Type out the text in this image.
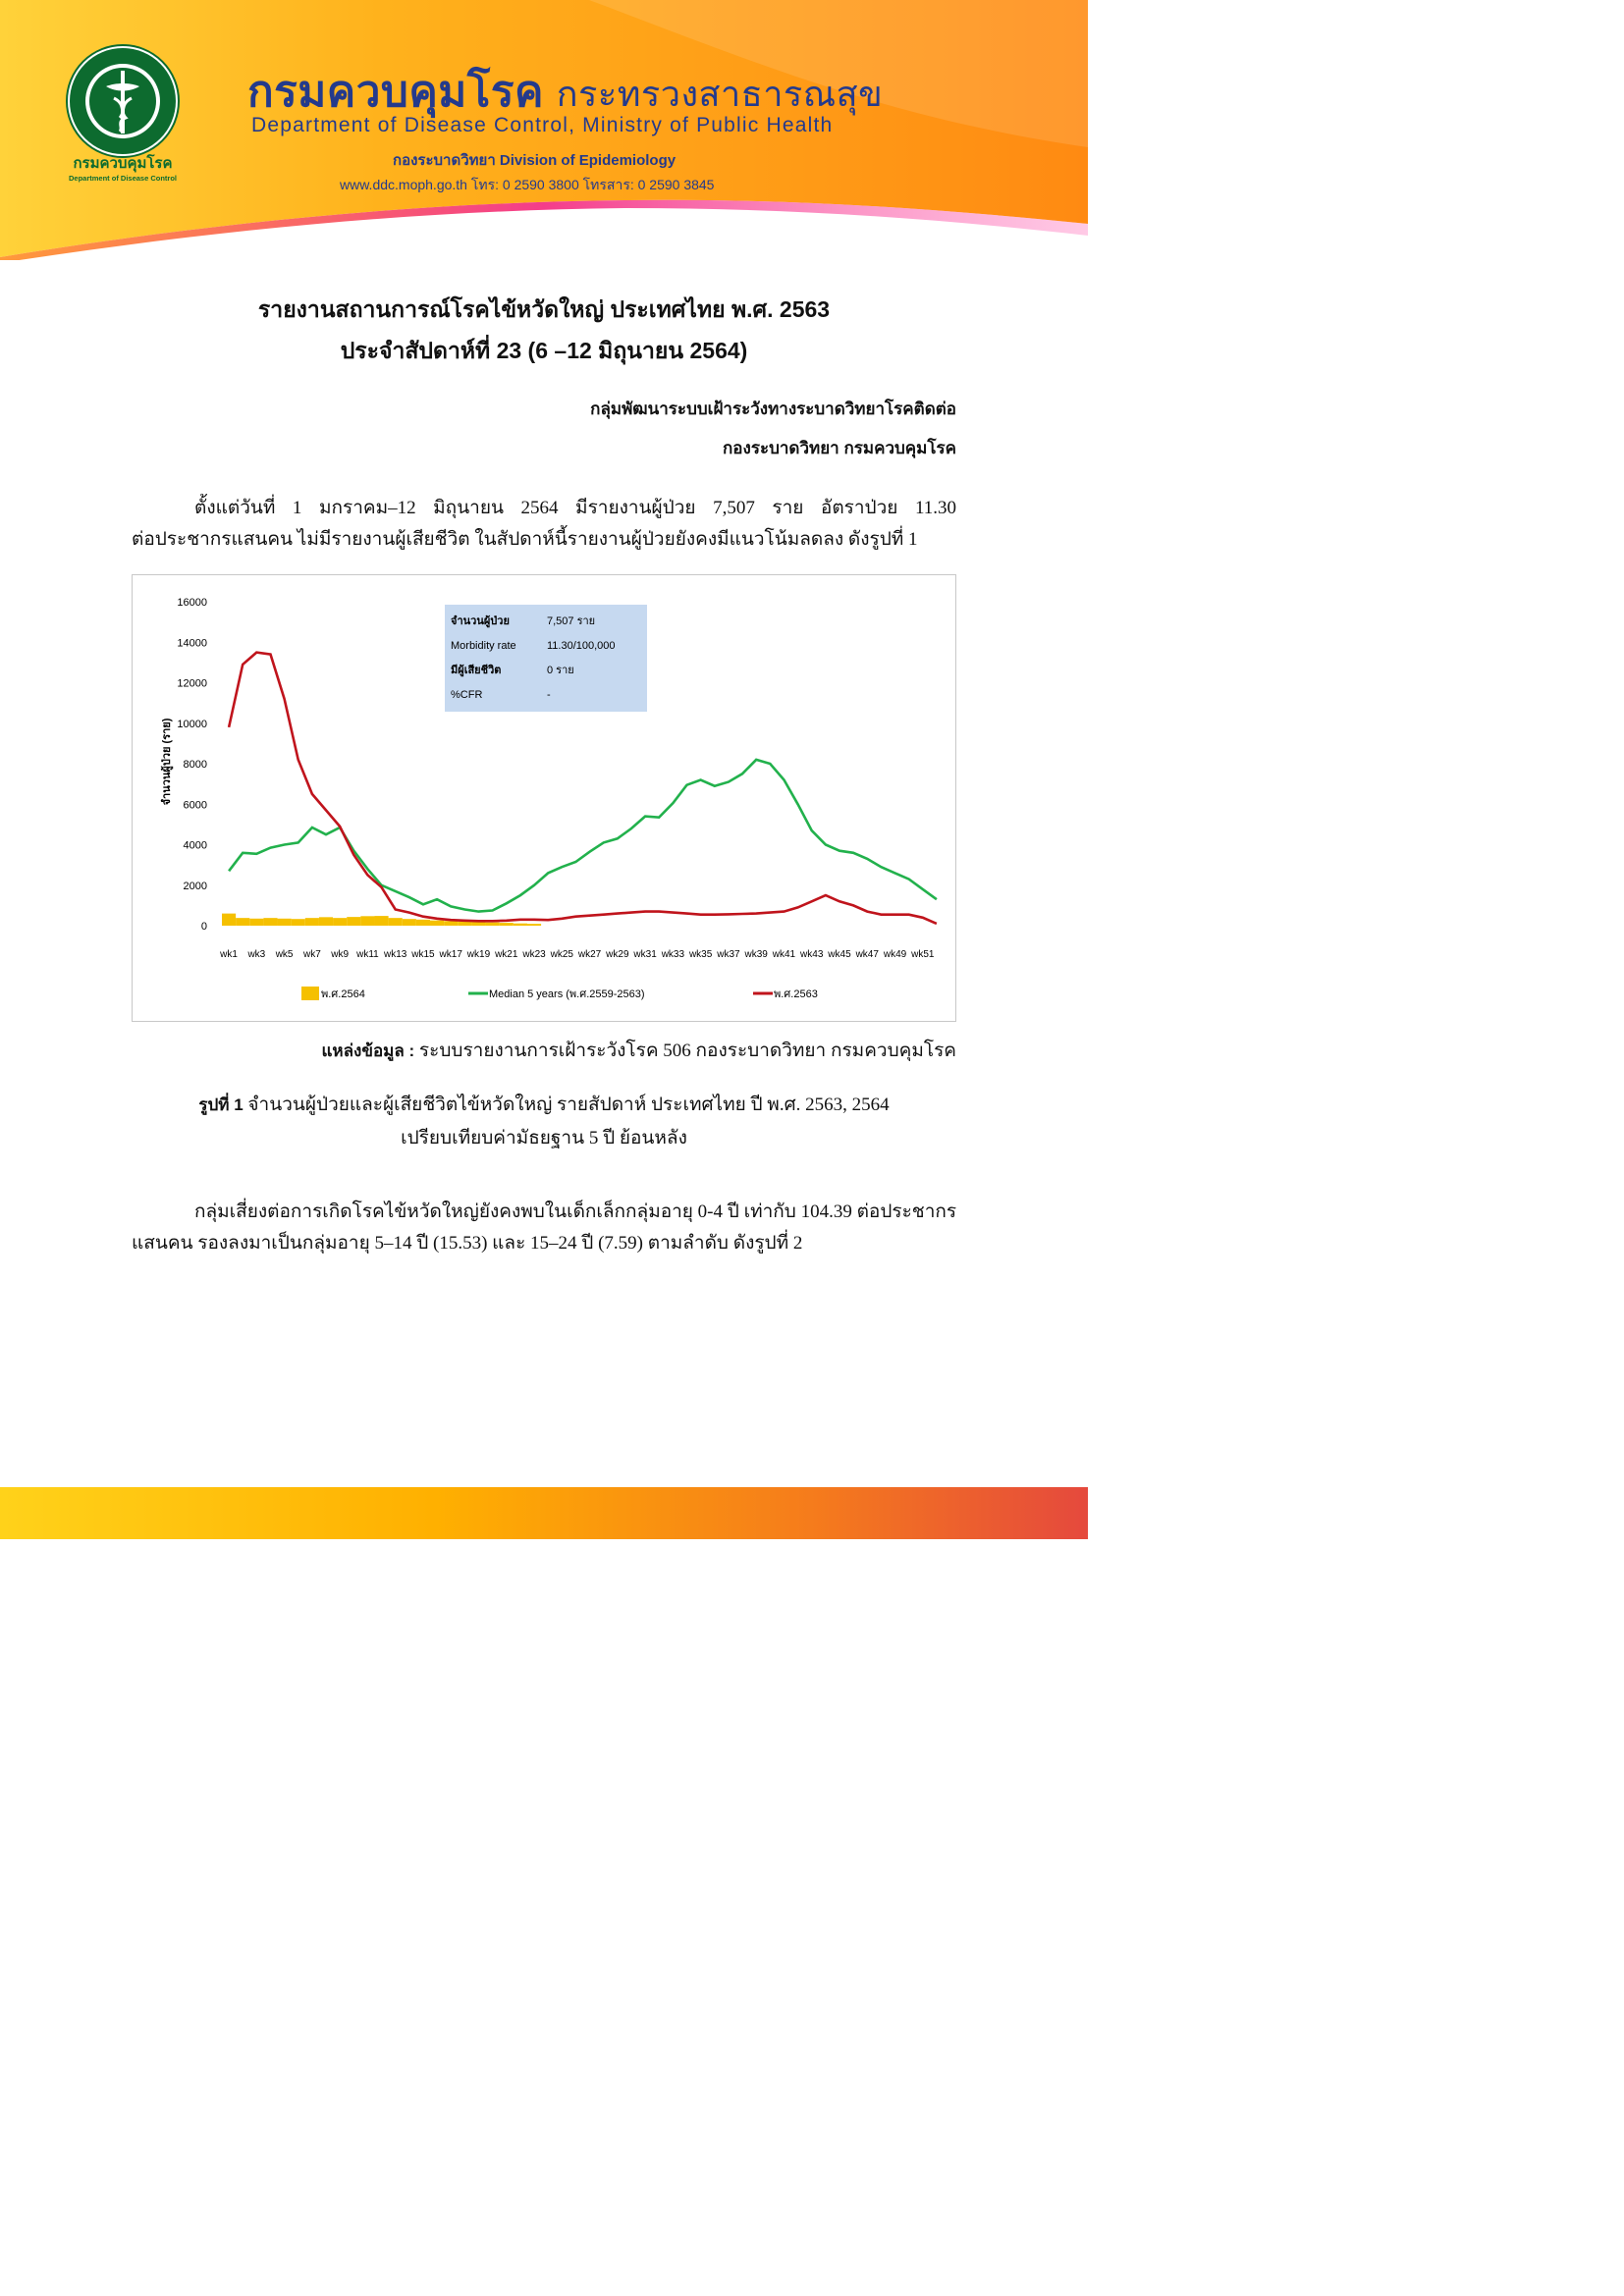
กรมควบคุมโรค
Department of Disease Control
กรมควบคุมโรค กระทรวงสาธารณสุข
Department of Disease Control, Ministry of Public Health
กองระบาดวิทยา Division of Epidemiology
www.ddc.moph.go.th โทร: 0 2590 3800 โทรสาร: 0 2590 3845
รายงานสถานการณ์โรคไข้หวัดใหญ่ ประเทศไทย พ.ศ. 2563
ประจำสัปดาห์ที่ 23 (6 –12 มิถุนายน 2564)
กลุ่มพัฒนาระบบเฝ้าระวังทางระบาดวิทยาโรคติดต่อ
กองระบาดวิทยา กรมควบคุมโรค
ตั้งแต่วันที่ 1 มกราคม–12 มิถุนายน 2564 มีรายงานผู้ป่วย 7,507 ราย อัตราป่วย 11.30
ต่อประชากรแสนคน ไม่มีรายงานผู้เสียชีวิต ในสัปดาห์นี้รายงานผู้ป่วยยังคงมีแนวโน้มลดลง ดังรูปที่ 1
0
2000
4000
6000
8000
10000
12000
14000
16000
wk1 wk3 wk5 wk7 wk9 wk11 wk13 wk15 wk17 wk19 wk21 wk23 wk25 wk27 wk29 wk31 wk33 wk35 wk37 wk39 wk41 wk43 wk45 wk47 wk49 wk51
จำนวนผู้ป่วย (ราย)
จำนวนผู้ป่วย	7,507 ราย
Morbidity rate	11.30/100,000
มีผู้เสียชีวิต	0 ราย
%CFR	-
พ.ศ.2564	Median 5 years (พ.ศ.2559-2563)	พ.ศ.2563
แหล่งข้อมูล : ระบบรายงานการเฝ้าระวังโรค 506 กองระบาดวิทยา กรมควบคุมโรค
รูปที่ 1 จำนวนผู้ป่วยและผู้เสียชีวิตไข้หวัดใหญ่ รายสัปดาห์ ประเทศไทย ปี พ.ศ. 2563, 2564
เปรียบเทียบค่ามัธยฐาน 5 ปี ย้อนหลัง
กลุ่มเสี่ยงต่อการเกิดโรคไข้หวัดใหญ่ยังคงพบในเด็กเล็กกลุ่มอายุ 0-4 ปี เท่ากับ 104.39 ต่อประชากร
แสนคน รองลงมาเป็นกลุ่มอายุ 5–14 ปี (15.53) และ 15–24 ปี (7.59) ตามลำดับ ดังรูปที่ 2
